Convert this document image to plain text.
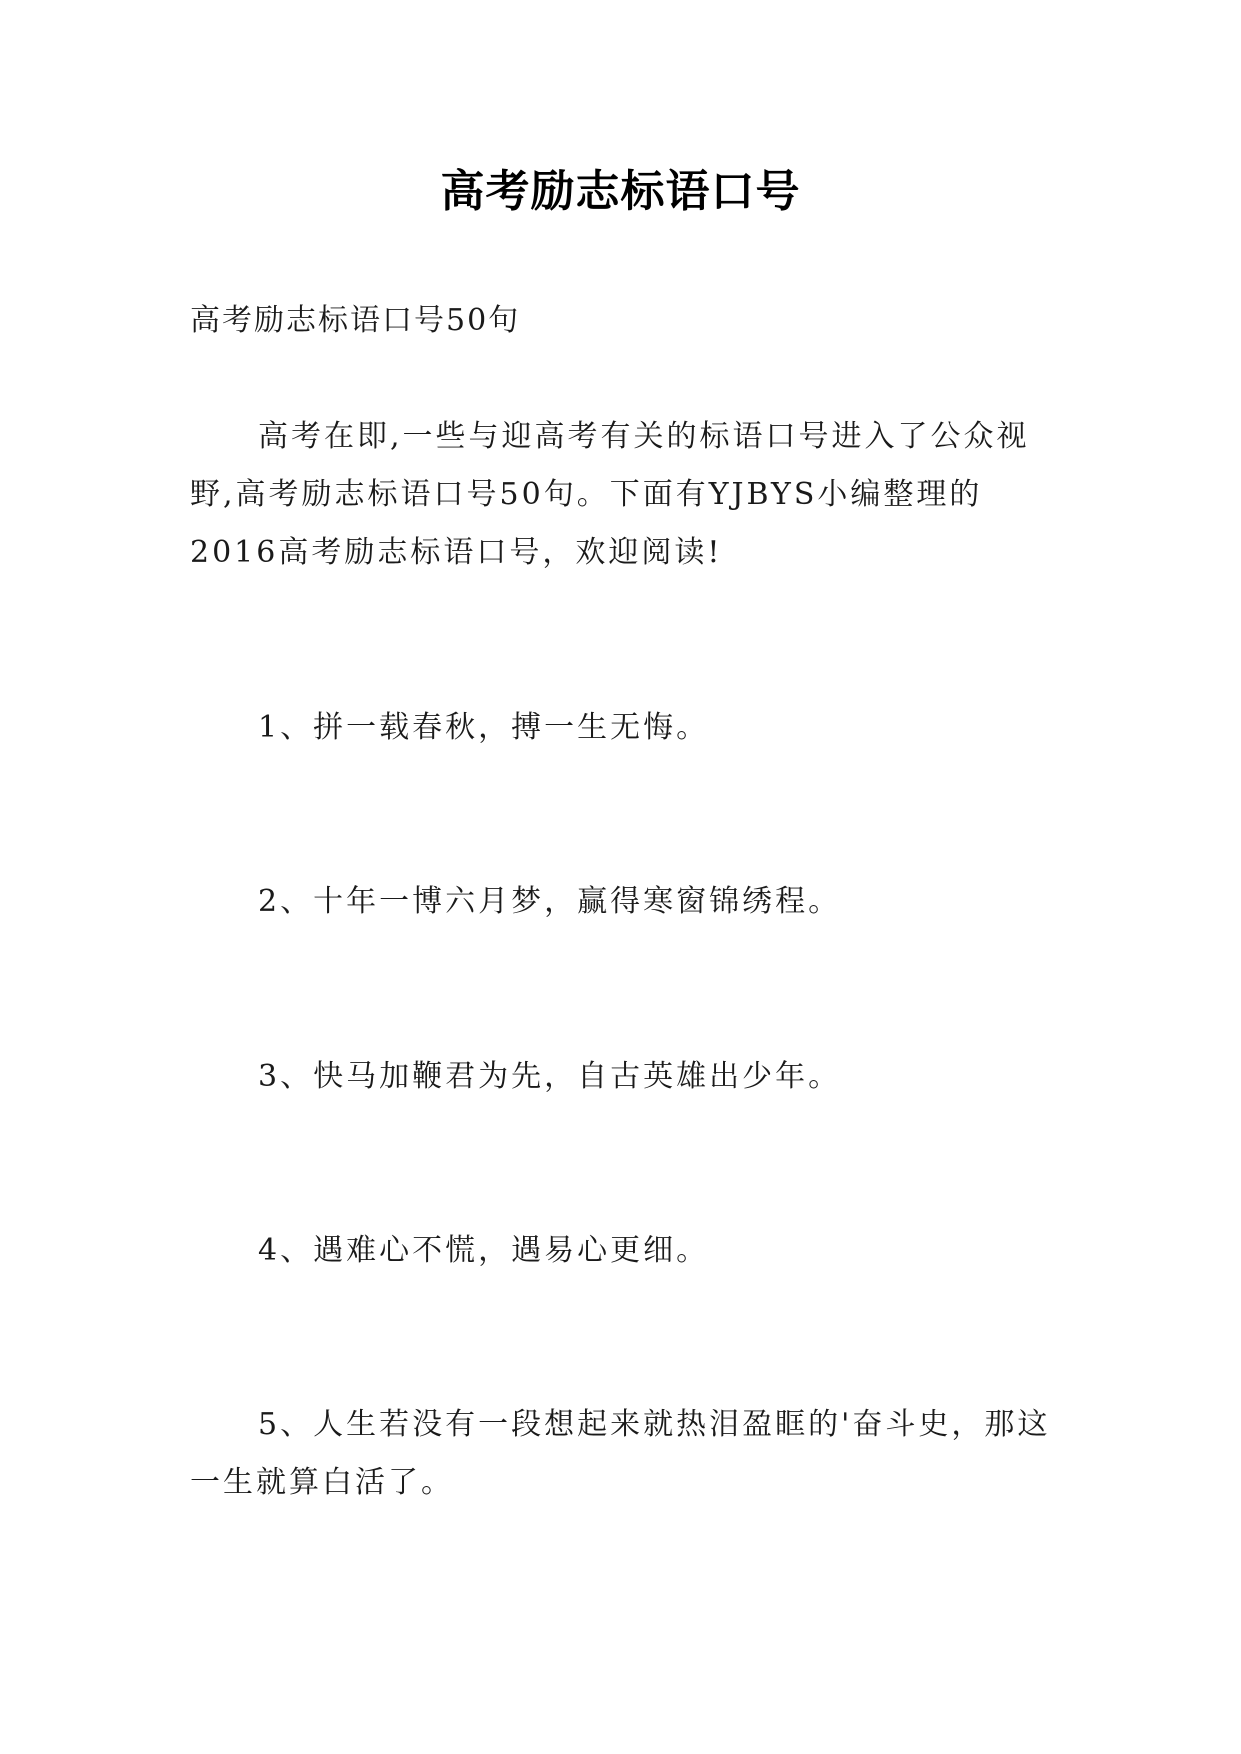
高考励志标语口号

高考励志标语口号50句

高考在即,一些与迎高考有关的标语口号进入了公众视野,高考励志标语口号50句。下面有YJBYS小编整理的2016高考励志标语口号，欢迎阅读!

1、拼一载春秋，搏一生无悔。

2、十年一博六月梦，赢得寒窗锦绣程。

3、快马加鞭君为先，自古英雄出少年。

4、遇难心不慌，遇易心更细。

5、人生若没有一段想起来就热泪盈眶的'奋斗史，那这一生就算白活了。
